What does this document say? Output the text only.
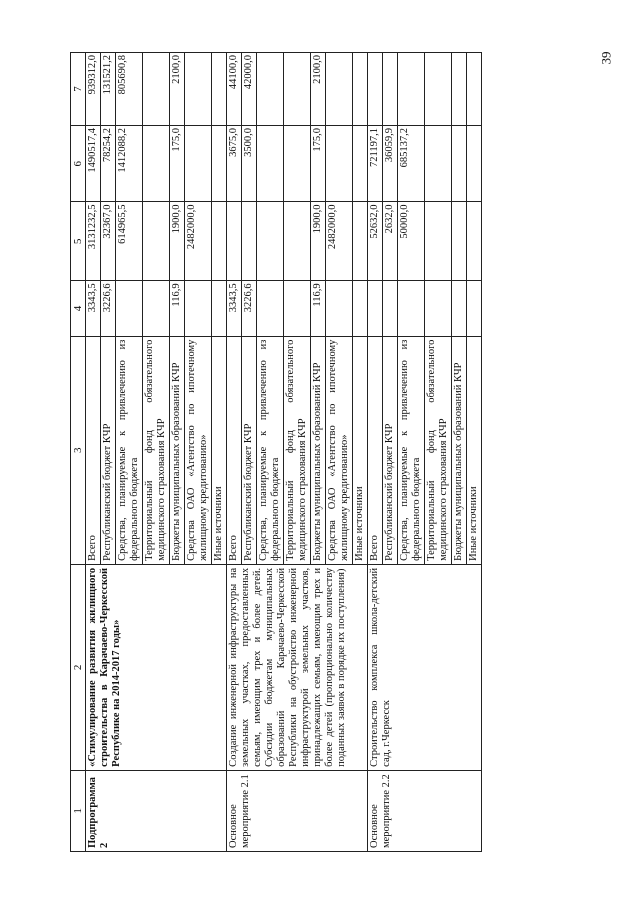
39
1	2	3	4	5	6	7
Подпрограмма 2	«Стимулирование развития жилищного строительства в Карачаево-Черкесской Республике на 2014-2017 годы»	Всего	3343,5	3131232,5	1490517,4	939312,0
		Республиканский бюджет КЧР	3226,6	32367,0	78254,2	131521,2
		Средства, планируемые к привлечению из федерального бюджета		614965,5	1412088,2	805690,8
		Территориальный фонд обязательного медицинского страхования КЧР				
		Бюджеты муниципальных образований КЧР	116,9	1900,0	175,0	2100,0
		Средства ОАО «Агентство по ипотечному жилищному кредитованию»		2482000,0		
		Иные источники				
Основное мероприятие 2.1	Создание инженерной инфраструктуры на земельных участках, предоставленных семьям, имеющим трех и более детей. Субсидии бюджетам муниципальных образований Карачаево-Черкесской Республики на обустройство инженерной инфраструктурой земельных участков, принадлежащих семьям, имеющим трех и более детей (пропорционально количеству поданных заявок в порядке их поступления)	Всего	3343,5		3675,0	44100,0
		Республиканский бюджет КЧР	3226,6		3500,0	42000,0
		Средства, планируемые к привлечению из федерального бюджета				
		Территориальный фонд обязательного медицинского страхования КЧР				
		Бюджеты муниципальных образований КЧР	116,9	1900,0	175,0	2100,0
		Средства ОАО «Агентство по ипотечному жилищному кредитованию»		2482000,0		
		Иные источники				
Основное мероприятие 2.2	Строительство комплекса школа-детский сад, г.Черкесск	Всего		52632,0	721197,1	
		Республиканский бюджет КЧР		2632,0	36059,9	
		Средства, планируемые к привлечению из федерального бюджета		50000,0	685137,2	
		Территориальный фонд обязательного медицинского страхования КЧР				
		Бюджеты муниципальных образований КЧР				
		Иные источники				
